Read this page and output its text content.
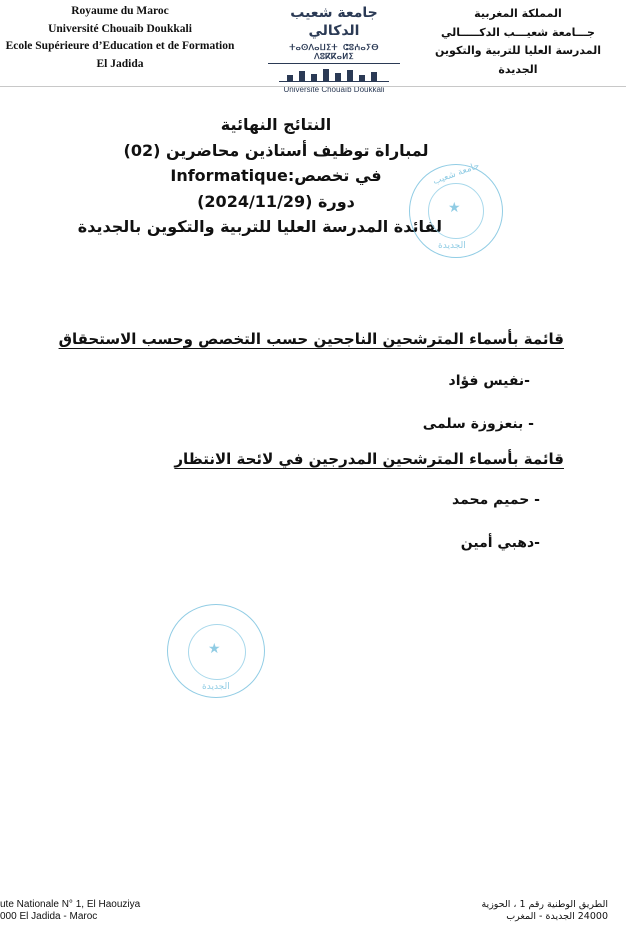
Royaume du Maroc
Université Chouaib Doukkali
Ecole Supérieure d’Education et de Formation
El Jadida
جامعة شعيب الدكالي
ⵜⴰⵙⴷⴰⵡⵉⵜ ⵛⵓⵄⴰⵢⴱ ⴷⵓⴽⴽⴰⵍⵉ
Université Chouaïb Doukkali
المملكة المغربية
جـــامعة شعيـــب الدكـــــالي
المدرسة العليا للتربية والتكوين
الجديدة
النتائج النهائية
لمباراة توظيف أستاذين محاضرين (02)
في تخصص:Informatique
دورة (2024/11/29)
لفائدة المدرسة العليا للتربية والتكوين بالجديدة
★
جامعة شعيب
الجديدة
قائمة بأسماء المترشحين الناجحين حسب التخصص وحسب الاستحقاق
-نفيس فؤاد
- بنعزوزة سلمى
قائمة بأسماء المترشحين المدرجين في لائحة الانتظار
- حميم محمد
-دهبي أمين
★
الجديدة
ute Nationale N° 1, El Haouziya
000 El Jadida - Maroc
الطريق الوطنية رقم 1 ، الحوزية
24000 الجديدة - المغرب
